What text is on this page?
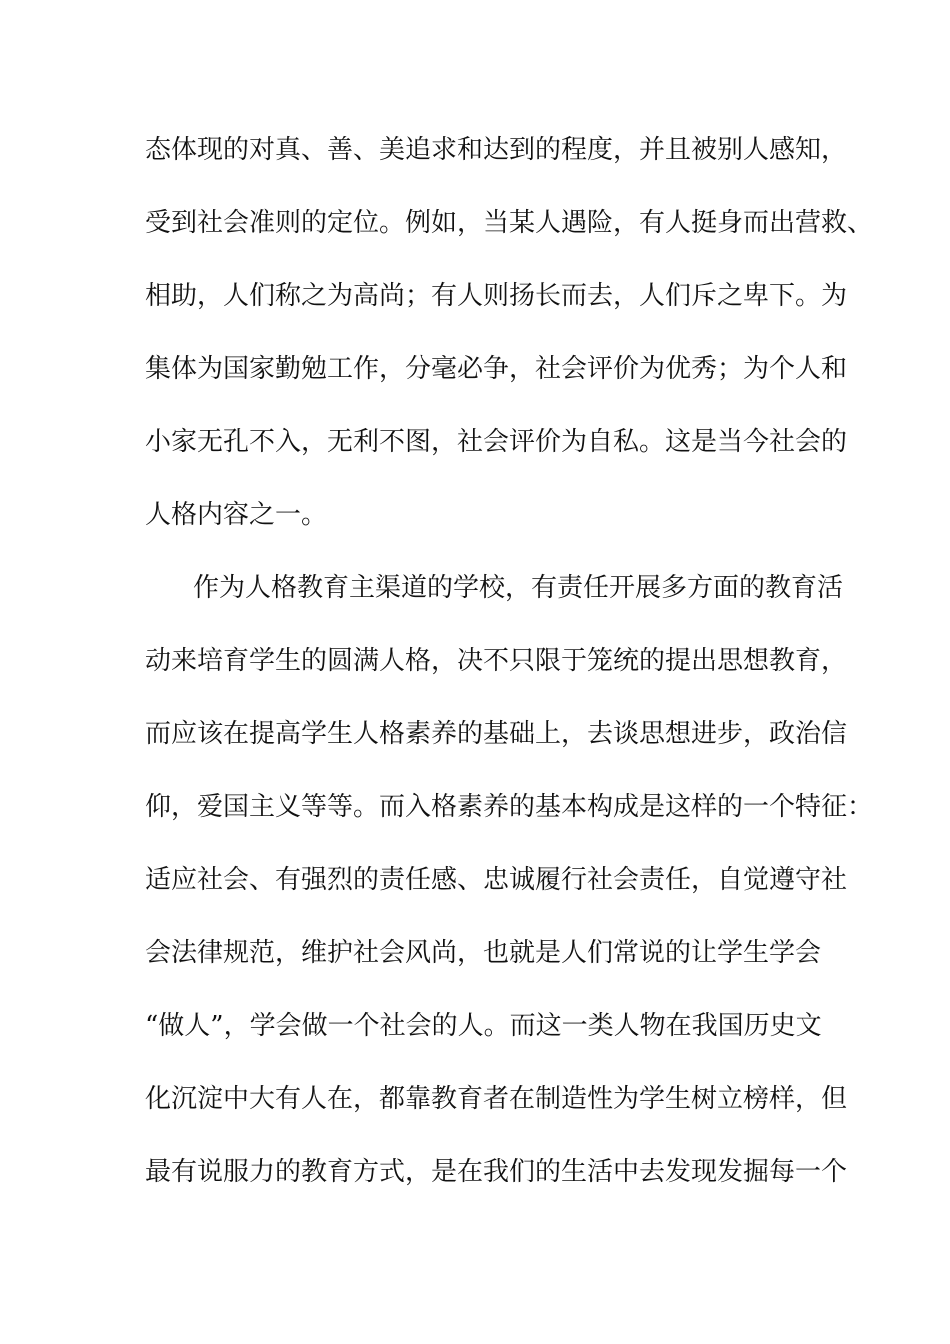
态体现的对真、善、美追求和达到的程度，并且被别人感知，
受到社会准则的定位。例如，当某人遇险，有人挺身而出营救、
相助，人们称之为高尚；有人则扬长而去，人们斥之卑下。为
集体为国家勤勉工作，分毫必争，社会评价为优秀；为个人和
小家无孔不入，无利不图，社会评价为自私。这是当今社会的
人格内容之一。
作为人格教育主渠道的学校，有责任开展多方面的教育活
动来培育学生的圆满人格，决不只限于笼统的提出思想教育，
而应该在提高学生人格素养的基础上，去谈思想进步，政治信
仰，爱国主义等等。而入格素养的基本构成是这样的一个特征：
适应社会、有强烈的责任感、忠诚履行社会责任，自觉遵守社
会法律规范，维护社会风尚，也就是人们常说的让学生学会
“做人”，学会做一个社会的人。而这一类人物在我国历史文
化沉淀中大有人在，都靠教育者在制造性为学生树立榜样，但
最有说服力的教育方式，是在我们的生活中去发现发掘每一个
